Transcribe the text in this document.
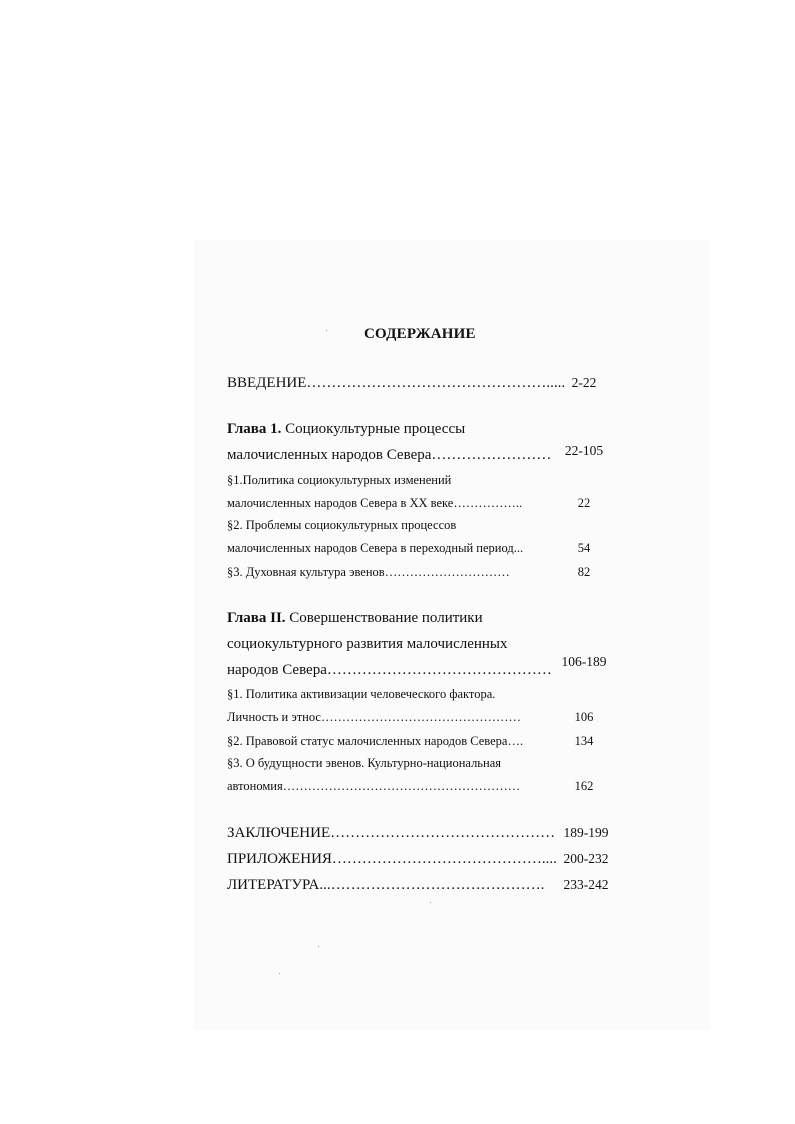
СОДЕРЖАНИЕ
ВВЕДЕНИЕ…………………………………………..... 2-22
Глава 1. Социокультурные процессы
малочисленных народов Севера…………………… 22-105
§1.Политика социокультурных изменений
малочисленных народов Севера в XX веке……………..	22
§2. Проблемы социокультурных процессов
малочисленных народов Севера в переходный период...	54
§3. Духовная культура эвенов…………………………	82
Глава II. Совершенствование политики
социокультурного развития малочисленных
народов Севера………………………………………
106-189
§1. Политика активизации человеческого фактора.
Личность и этнос…………………………………………	106
§2. Правовой статус малочисленных народов Севера….	134
§3. О будущности эвенов. Культурно-национальная
автономия…………………………………………………	162
ЗАКЛЮЧЕНИЕ……………………………………… 189-199
ПРИЛОЖЕНИЯ…………………………………….... 200-232
ЛИТЕРАТУРА...…………………………………….	233-242
